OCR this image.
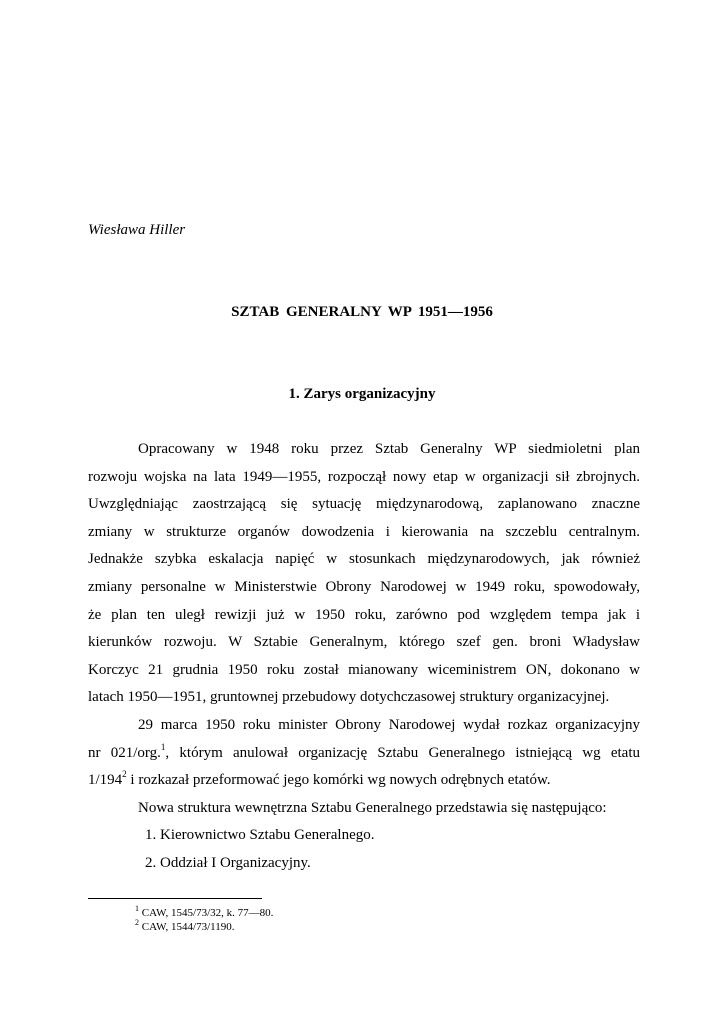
Wiesława Hiller

SZTAB GENERALNY WP 1951—1956

1. Zarys organizacyjny

Opracowany w 1948 roku przez Sztab Generalny WP siedmioletni plan
rozwoju wojska na lata 1949—1955, rozpoczął nowy etap w organizacji sił zbrojnych.
Uwzględniając zaostrzającą się sytuację międzynarodową, zaplanowano znaczne
zmiany w strukturze organów dowodzenia i kierowania na szczeblu centralnym.
Jednakże szybka eskalacja napięć w stosunkach międzynarodowych, jak również
zmiany personalne w Ministerstwie Obrony Narodowej w 1949 roku, spowodowały,
że plan ten uległ rewizji już w 1950 roku, zarówno pod względem tempa jak i
kierunków rozwoju. W Sztabie Generalnym, którego szef gen. broni Władysław
Korczyc 21 grudnia 1950 roku został mianowany wiceministrem ON, dokonano w
latach 1950—1951, gruntownej przebudowy dotychczasowej struktury organizacyjnej.
29 marca 1950 roku minister Obrony Narodowej wydał rozkaz organizacyjny
nr 021/org.$^1$, którym anulował organizację Sztabu Generalnego istniejącą wg etatu
$1/194^2$ i rozkazał przeformować jego komórki wg nowych odrębnych etatów.
Nowa struktura wewnętrzna Sztabu Generalnego przedstawia się następująco:
1. Kierownictwo Sztabu Generalnego.
2. Oddział I Organizacyjny.
$^1$ CAW, 1545/73/32, k. 77—80.
$^2$ CAW, 1544/73/1190.
